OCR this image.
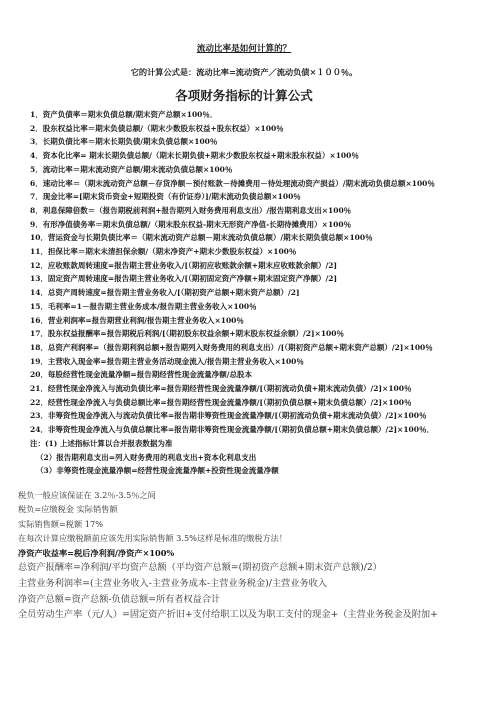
流动比率是如何计算的？
它的计算公式是：流动比率=流动资产／流动负债×１００％。
各项财务指标的计算公式
1．资产负债率＝期末负债总额/期末资产总额×100％．
2．股东权益比率＝期末负债总额/（期末少数股东权益+股东权益）×100％
3．长期负债比率＝期末长期负债/期末负债总额×100％
4．资本化比率= 期末长期负债总额/（期末长期负债+期末少数股东权益+期末股东权益）×100％
5．流动比率＝期末流动资产总额/期末流动负债总额×100％
6．速动比率＝（期末流动资产总额－存货净额－预付账款－待摊费用－待处理流动资产损益）/期末流动负债总额×100％
7．现金比率=[期末货币资金+短期投资（有价证券）]/期末流动负债总额×100％
8．利息保障倍数＝（报告期税前利润+报告期列入财务费用利息支出）/报告期利息支出×100％
9．有形净值债务率＝期末负债总额/（期末股东权益-期末无形资产净值-长期待摊费用）×100％
10．营运资金与长期负债比率＝（期末流动资产总额－期末流动负债总额）/期末长期负债总额×100％
11．担保比率＝期末未清担保余额/（期末净资产+期末少数股东权益）×100％
12．应收账款周转速度=报告期主营业务收入/[（期初应收账款余额+期末应收账款余额）/2]
13．固定资产周转速度=报告期主营业务收入/[（期初固定资产净额+期末固定资产净额）/2]
14．总资产周转速度=报告期主营业务收入/[（期初资产总额+期末资产总额）/2]
15．毛利率=1－报告期主营业务成本/报告期主营业务收入×100％
16．营业利润率=报告期营业利润/报告期主营业务收入×100％
17．股东权益报酬率=报告期税后利润/[（期初股东权益余额+期末股东权益余额）/2]×100％
18．总资产利润率=（报告期利润总额+报告期列入财务费用的利息支出）/[（期初资产总额+期末资产总额）/2]×100％
19．主营收入现金率=报告期主营业务活动现金流入/报告期主营业务收入×100％
20．每股经营性现金流量净额=报告期经营性现金流量净额/总股本
21．经营性现金净流入与流动负债比率=报告期经营性现金流量净额/[（期初流动负债+期末流动负债）/2]×100％
22．经营性现金净流入与负债总额比率=报告期经营性现金流量净额/[（期初负债总额+期末负债总额）/2]×100％
23．非筹资性现金净流入与流动负债比率=报告期非筹资性现金流量净额/[（期初流动负债+期末流动负债）/2]×100％
24．非筹资性现金净流入与负债总额比率=报告期非筹资性现金流量净额/[（期初负债总额+期末负债总额）/2]×100％．
注：(1) 上述指标计算以合并报表数据为准
（2）报告期利息支出=列入财务费用的利息支出+资本化利息支出
（3）非筹资性现金流量净额=经营性现金流量净额+投资性现金流量净额
税负一般应该保证在 3.2％-3.5％之间
税负=应缴税金 实际销售额
实际销售额=税额 17%
在每次计算应缴税额前应该先用实际销售额 3.5%这样是标准的缴税方法！
净资产收益率=税后净利润/净资产×100%
总资产报酬率=净利润/平均资产总额（平均资产总额=(期初资产总额+期末资产总额)/2）
主营业务利润率=(主营业务收入-主营业务成本-主营业务税金)/主营业务收入
净资产总额=资产总额-负债总额=所有者权益合计
全员劳动生产率（元/人）=固定资产折旧+支付给职工以及为职工支付的现金+（主营业务税金及附加+
